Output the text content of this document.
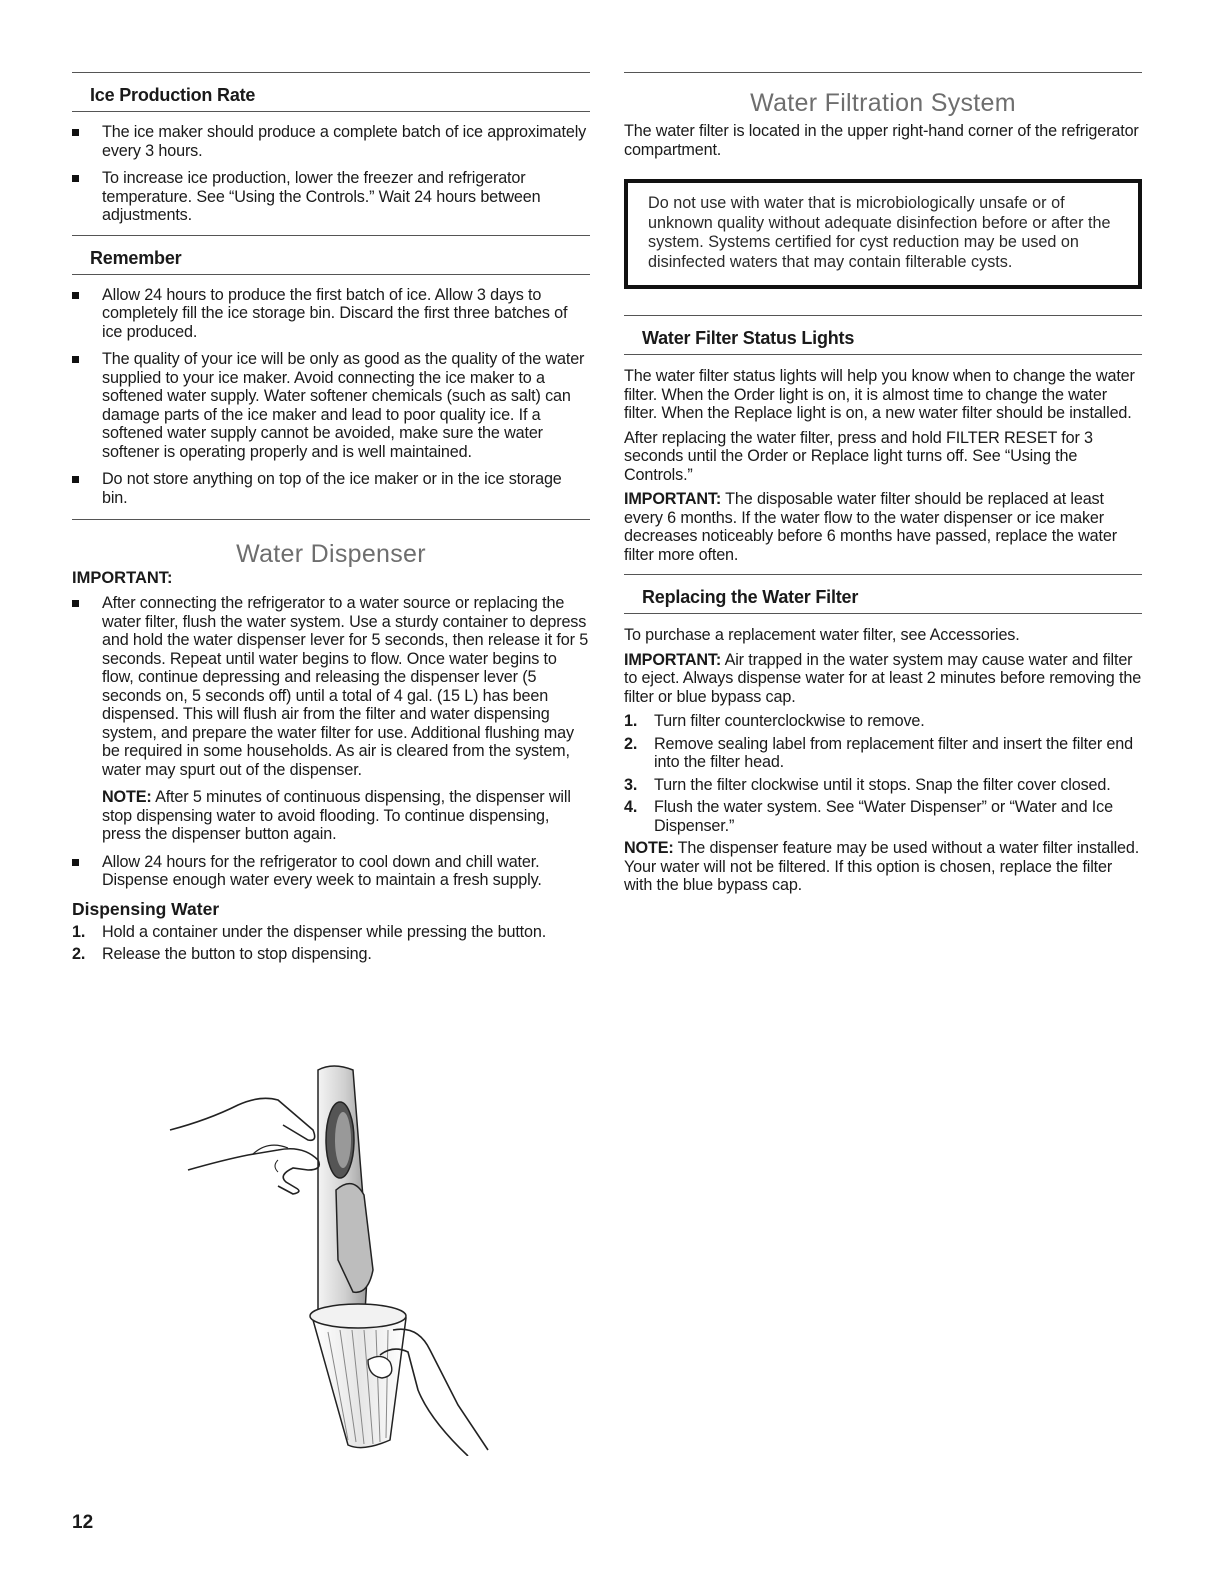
Ice Production Rate

The ice maker should produce a complete batch of ice approximately every 3 hours.

To increase ice production, lower the freezer and refrigerator temperature. See “Using the Controls.” Wait 24 hours between adjustments.

Remember

Allow 24 hours to produce the first batch of ice. Allow 3 days to completely fill the ice storage bin. Discard the first three batches of ice produced.

The quality of your ice will be only as good as the quality of the water supplied to your ice maker. Avoid connecting the ice maker to a softened water supply. Water softener chemicals (such as salt) can damage parts of the ice maker and lead to poor quality ice. If a softened water supply cannot be avoided, make sure the water softener is operating properly and is well maintained.

Do not store anything on top of the ice maker or in the ice storage bin.

Water Dispenser
IMPORTANT:

After connecting the refrigerator to a water source or replacing the water filter, flush the water system. Use a sturdy container to depress and hold the water dispenser lever for 5 seconds, then release it for 5 seconds. Repeat until water begins to flow. Once water begins to flow, continue depressing and releasing the dispenser lever (5 seconds on, 5 seconds off) until a total of 4 gal. (15 L) has been dispensed. This will flush air from the filter and water dispensing system, and prepare the water filter for use. Additional flushing may be required in some households. As air is cleared from the system, water may spurt out of the dispenser.

NOTE: After 5 minutes of continuous dispensing, the dispenser will stop dispensing water to avoid flooding. To continue dispensing, press the dispenser button again.

Allow 24 hours for the refrigerator to cool down and chill water. Dispense enough water every week to maintain a fresh supply.

Dispensing Water
1. Hold a container under the dispenser while pressing the button.
2. Release the button to stop dispensing.
Water Filtration System

The water filter is located in the upper right-hand corner of the refrigerator compartment.

Do not use with water that is microbiologically unsafe or of unknown quality without adequate disinfection before or after the system. Systems certified for cyst reduction may be used on disinfected waters that may contain filterable cysts.
Water Filter Status Lights

The water filter status lights will help you know when to change the water filter. When the Order light is on, it is almost time to change the water filter. When the Replace light is on, a new water filter should be installed.

After replacing the water filter, press and hold FILTER RESET for 3 seconds until the Order or Replace light turns off. See “Using the Controls.”

IMPORTANT: The disposable water filter should be replaced at least every 6 months. If the water flow to the water dispenser or ice maker decreases noticeably before 6 months have passed, replace the water filter more often.

Replacing the Water Filter

To purchase a replacement water filter, see Accessories.

IMPORTANT: Air trapped in the water system may cause water and filter to eject. Always dispense water for at least 2 minutes before removing the filter or blue bypass cap.

1. Turn filter counterclockwise to remove.
2. Remove sealing label from replacement filter and insert the filter end into the filter head.
3. Turn the filter clockwise until it stops. Snap the filter cover closed.
4. Flush the water system. See “Water Dispenser” or “Water and Ice Dispenser.”

NOTE: The dispenser feature may be used without a water filter installed. Your water will not be filtered. If this option is chosen, replace the filter with the blue bypass cap.

12
